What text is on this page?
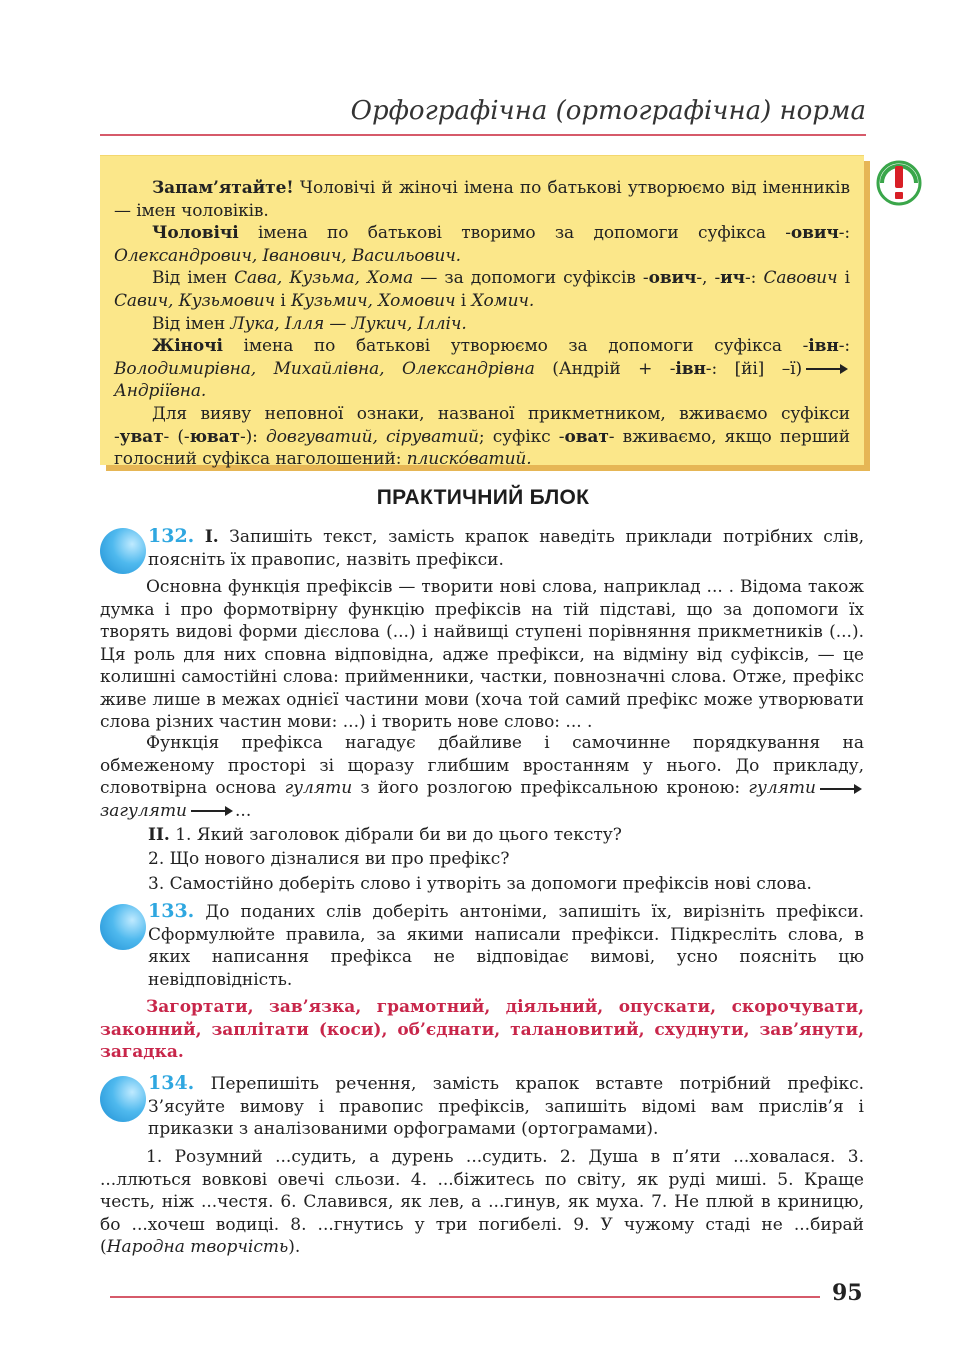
Орфографічна (ортографічна) норма

Запам’ятайте! Чоловічі й жіночі імена по батькові утворюємо від іменників — імен чоловіків.

Чоловічі імена по батькові творимо за допомоги суфікса -ович-: Олександрович, Іванович, Васильович.

Від імен Сава, Кузьма, Хома — за допомоги суфіксів -ович-, -ич-: Савович і Савич, Кузьмович і Кузьмич, Хомович і Хомич.

Від імен Лука, Ілля — Лукич, Ілліч.

Жіночі імена по батькові утворюємо за допомоги суфікса -івн-: Володимирівна, Михайлівна, Олександрівна (Андрій + -івн-: [йі] –ї)Андріївна.

Для вияву неповної ознаки, названої прикметником, вживаємо суфікси -уват- (-юват-): довгуватий, сіруватий; суфікс -оват- вживаємо, якщо перший голосний суфікса наголошений: плискóватий.

ПРАКТИЧНИЙ БЛОК
132. І. Запишіть текст, замість крапок наведіть приклади потрібних слів, поясніть їх правопис, назвіть префікси.
Основна функція префіксів — творити нові слова, наприклад ... . Відома також думка і про формотвірну функцію префіксів на тій підставі, що за допомоги їх творять видові форми дієслова (...) і найвищі ступені порівняння прикметників (...). Ця роль для них сповна відповідна, адже префікси, на відміну від суфіксів, — це колишні самостійні слова: прийменники, частки, повнозначні слова. Отже, префікс живе лише в межах однієї частини мови (хоча той самий префікс може утворювати слова різних частин мови: ...) і творить нове слово: ... .
Функція префікса нагадує дбайливе і самочинне порядкування на обмеженому просторі зі щоразу глибшим вростанням у нього. До прикладу, словотвірна основа гуляти з його розлогою префіксальною кроною: гулятизагуляти	...
ІІ. 1. Який заголовок дібрали би ви до цього тексту?
2. Що нового дізналися ви про префікс?
3. Самостійно доберіть слово і утворіть за допомоги префіксів нові слова.
133. До поданих слів доберіть антоніми, запишіть їх, вирізніть префікси. Сформулюйте правила, за якими написали префікси. Підкресліть слова, в яких написання префікса не відповідає вимові, усно поясніть цю невідповідність.
Загортати, зав’язка, грамотний, діяльний, опускати, скорочувати, законний, заплітати (коси), об’єднати, талановитий, схуднути, зав’янути, загадка.
134. Перепишіть речення, замість крапок вставте потрібний префікс. З’ясуйте вимову і правопис префіксів, запишіть відомі вам прислів’я і приказки з аналізованими орфограмами (ортограмами).
1. Розумний ...судить, а дурень ...судить. 2. Душа в п’яти ...ховалася. 3. ...ллються вовкові овечі сльози. 4. ...біжитесь по світу, як руді миші. 5. Краще честь, ніж ...честя. 6. Славився, як лев, а ...гинув, як муха. 7. Не плюй в криницю, бо ...хочеш водиці. 8. ...гнутись у три погибелі. 9. У чужому стаді не ...бирай (Народна творчість).
95
